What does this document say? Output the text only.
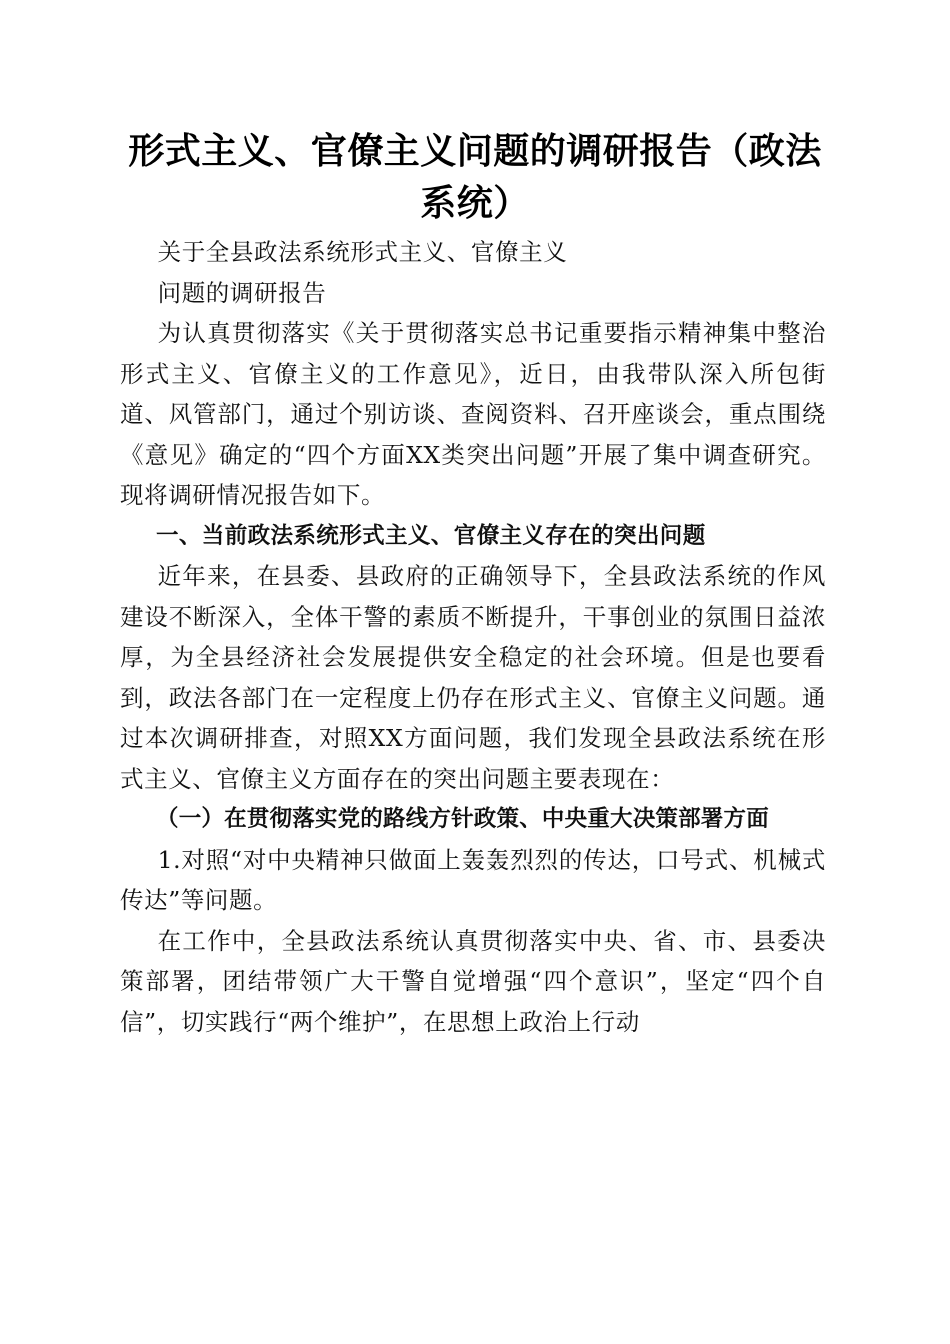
形式主义、官僚主义问题的调研报告（政法系统）

关于全县政法系统形式主义、官僚主义

问题的调研报告

为认真贯彻落实《关于贯彻落实总书记重要指示精神集中整治形式主义、官僚主义的工作意见》，近日，由我带队深入所包街道、风管部门，通过个别访谈、查阅资料、召开座谈会，重点围绕《意见》确定的“四个方面XX类突出问题”开展了集中调查研究。现将调研情况报告如下。

一、当前政法系统形式主义、官僚主义存在的突出问题

近年来，在县委、县政府的正确领导下，全县政法系统的作风建设不断深入，全体干警的素质不断提升，干事创业的氛围日益浓厚，为全县经济社会发展提供安全稳定的社会环境。但是也要看到，政法各部门在一定程度上仍存在形式主义、官僚主义问题。通过本次调研排查，对照XX方面问题，我们发现全县政法系统在形式主义、官僚主义方面存在的突出问题主要表现在：

（一）在贯彻落实党的路线方针政策、中央重大决策部署方面

1.对照“对中央精神只做面上轰轰烈烈的传达，口号式、机械式传达”等问题。

在工作中，全县政法系统认真贯彻落实中央、省、市、县委决策部署，团结带领广大干警自觉增强“四个意识”，坚定“四个自信”，切实践行“两个维护”，在思想上政治上行动
